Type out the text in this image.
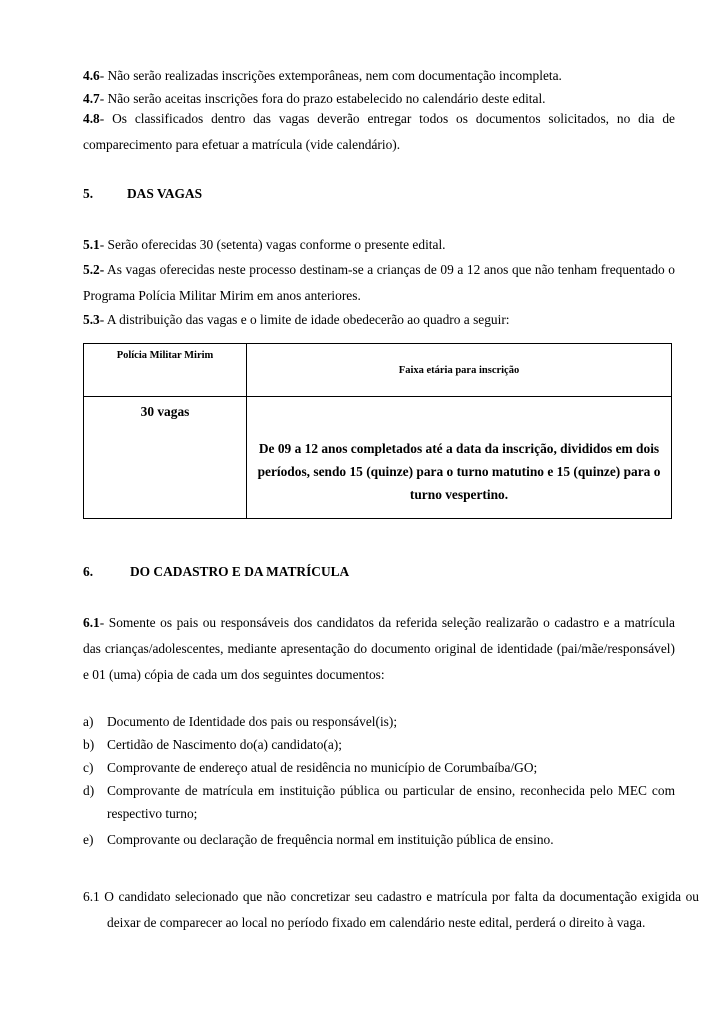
4.6- Não serão realizadas inscrições extemporâneas, nem com documentação incompleta.

4.7- Não serão aceitas inscrições fora do prazo estabelecido no calendário deste edital.

4.8- Os classificados dentro das vagas deverão entregar todos os documentos solicitados, no dia de comparecimento para efetuar a matrícula (vide calendário).

5.	DAS VAGAS

5.1- Serão oferecidas 30 (setenta) vagas conforme o presente edital.

5.2- As vagas oferecidas neste processo destinam-se a crianças de 09 a 12 anos que não tenham frequentado o Programa Polícia Militar Mirim em anos anteriores.

5.3- A distribuição das vagas e o limite de idade obedecerão ao quadro a seguir:

Polícia Militar Mirim	Faixa etária para inscrição
30 vagas	De 09 a 12 anos completados até a data da inscrição, divididos em dois períodos, sendo 15 (quinze) para o turno matutino e 15 (quinze) para o turno vespertino.
6.	DO CADASTRO E DA MATRÍCULA

6.1- Somente os pais ou responsáveis dos candidatos da referida seleção realizarão o cadastro e a matrícula das crianças/adolescentes, mediante apresentação do documento original de identidade (pai/mãe/responsável) e 01 (uma) cópia de cada um dos seguintes documentos:

a) Documento de Identidade dos pais ou responsável(is);
b) Certidão de Nascimento do(a) candidato(a);
c) Comprovante de endereço atual de residência no município de Corumbaíba/GO;
d) Comprovante de matrícula em instituição pública ou particular de ensino, reconhecida pelo MEC com respectivo turno;
e) Comprovante ou declaração de frequência normal em instituição pública de ensino.

6.1 O candidato selecionado que não concretizar seu cadastro e matrícula por falta da documentação exigida ou deixar de comparecer ao local no período fixado em calendário neste edital, perderá o direito à vaga.
